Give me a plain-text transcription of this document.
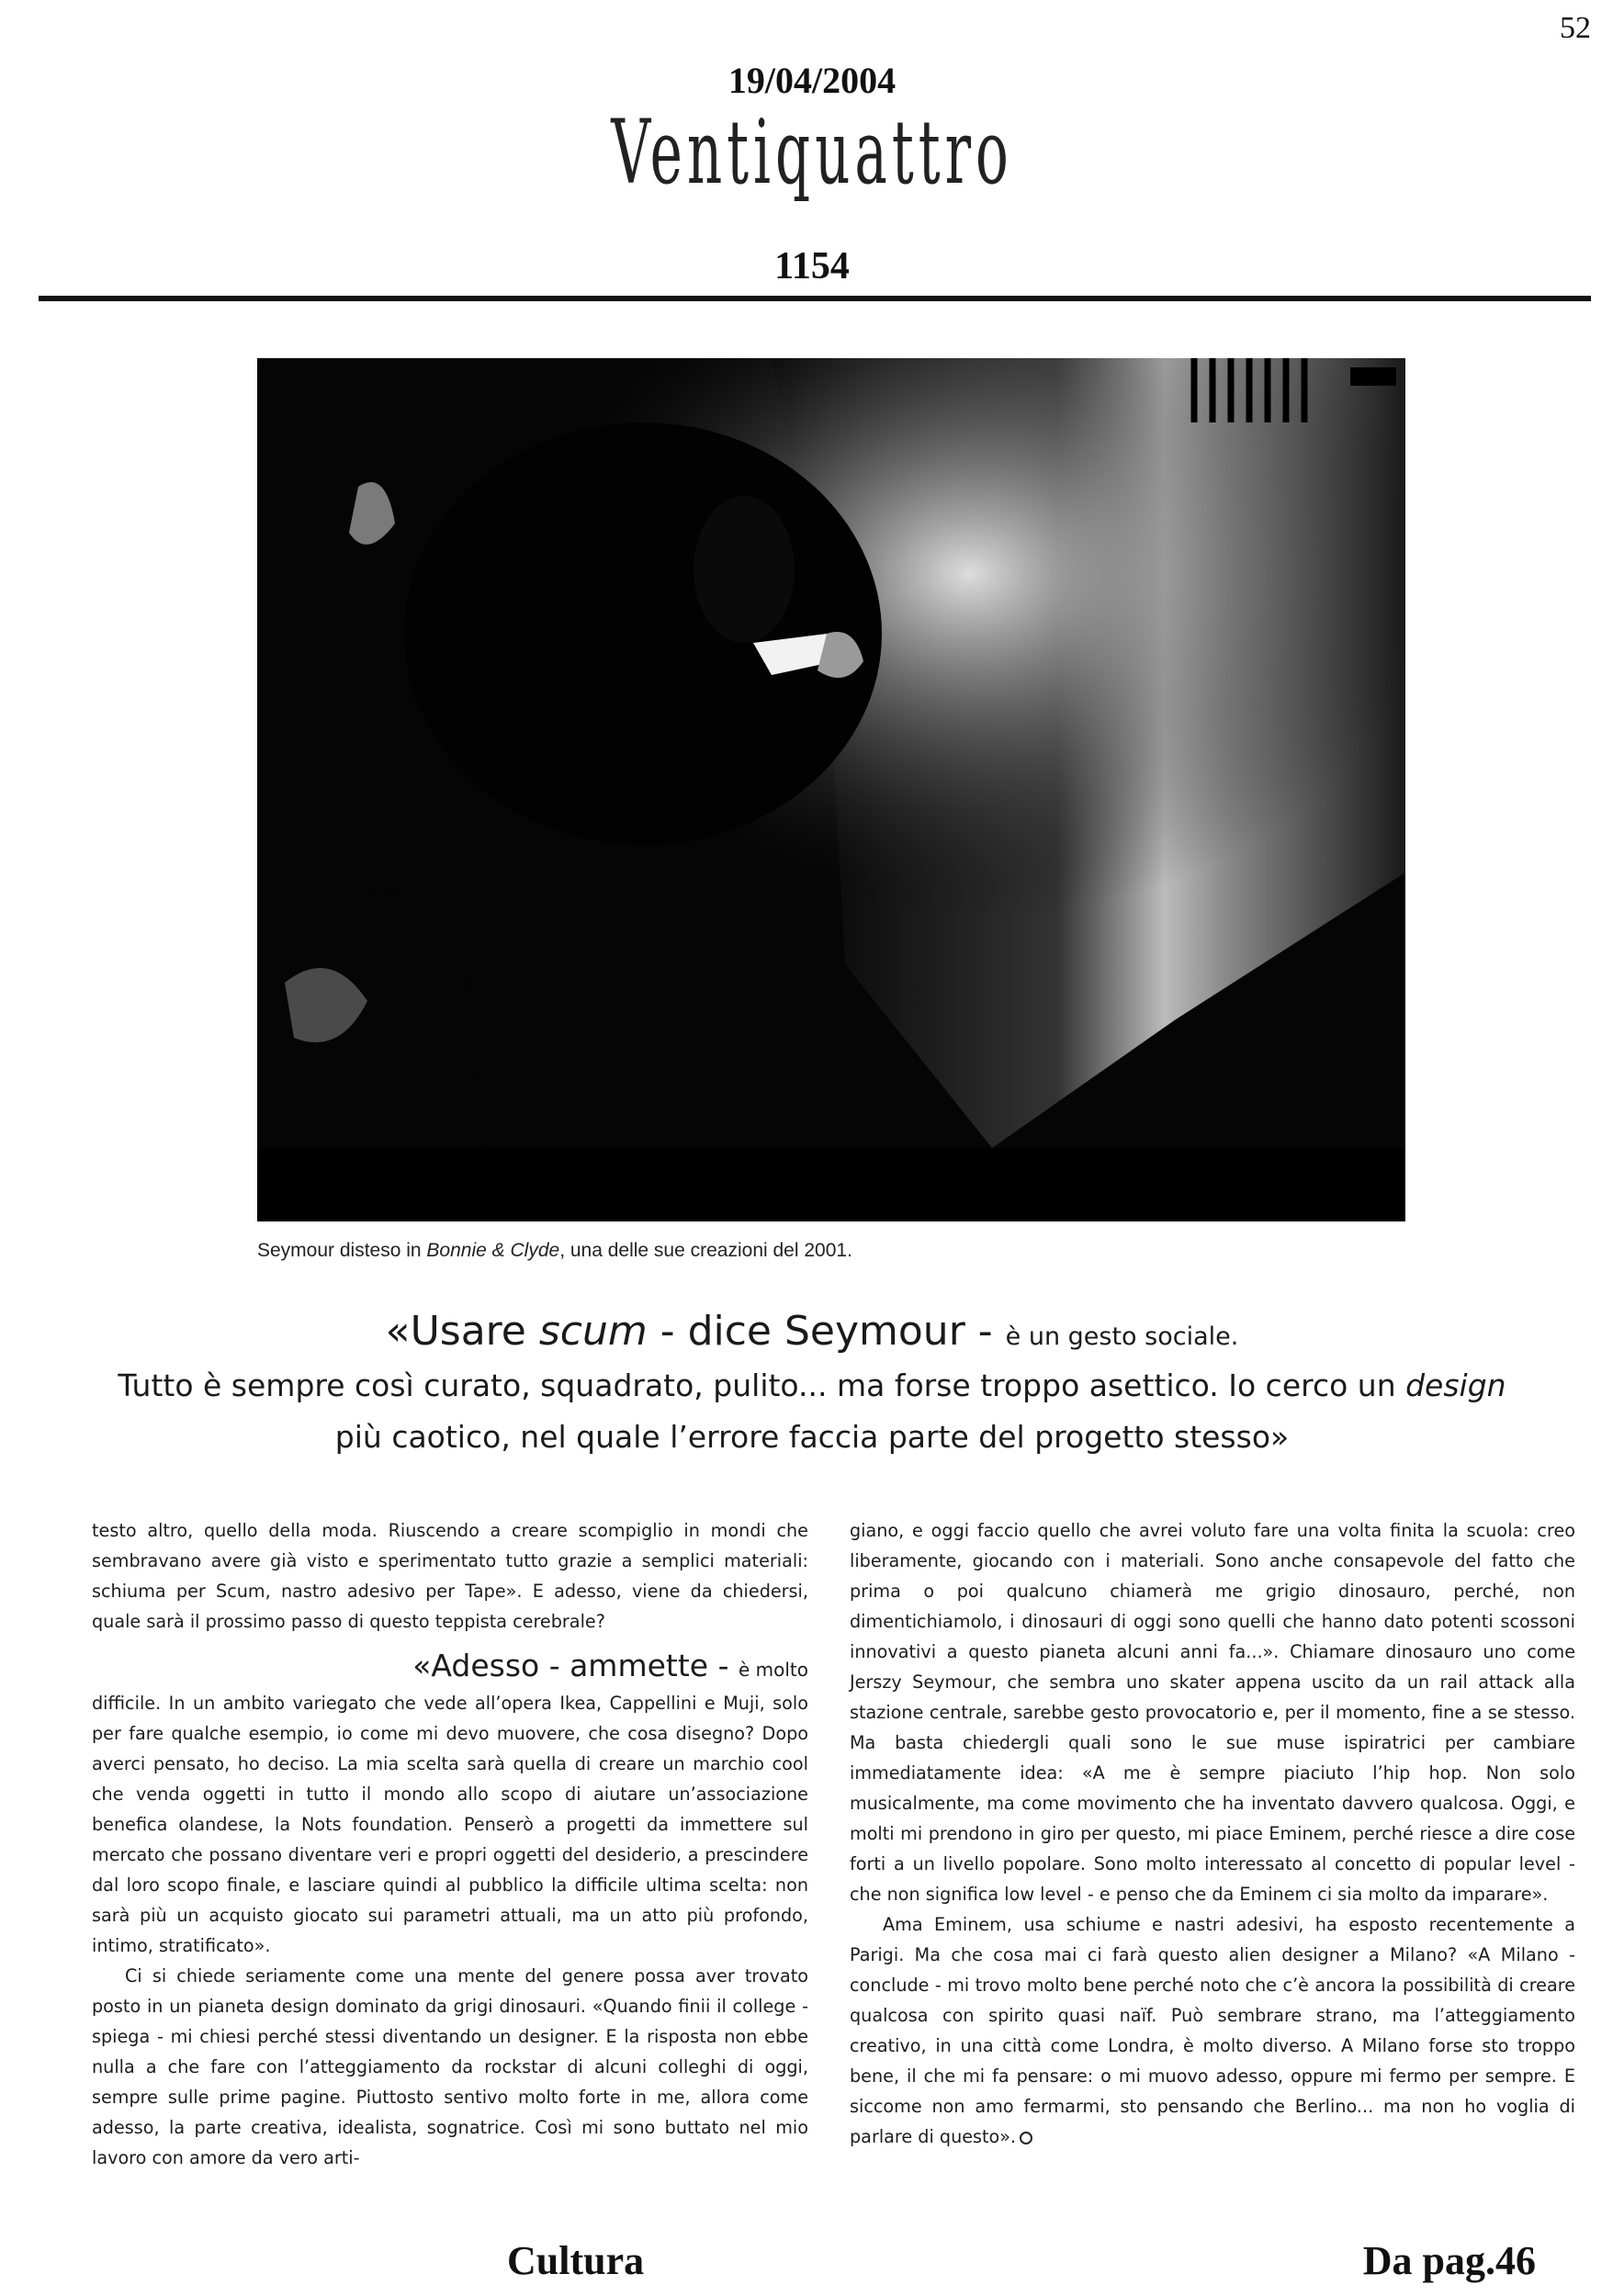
52
19/04/2004
Ventiquattro
1154
Seymour disteso in Bonnie & Clyde, una delle sue creazioni del 2001.
«Usare scum - dice Seymour - è un gesto sociale.
Tutto è sempre così curato, squadrato, pulito... ma forse troppo asettico. Io cerco un design
più caotico, nel quale l’errore faccia parte del progetto stesso»

testo altro, quello della moda. Riuscendo a creare scompiglio in mondi che sembravano avere già visto e sperimentato tutto grazie a semplici materiali: schiuma per Scum, nastro adesivo per Tape». E adesso, viene da chiedersi, quale sarà il prossimo passo di questo teppista cerebrale?

«Adesso - ammette - è molto

difficile. In un ambito variegato che vede all’opera Ikea, Cappellini e Muji, solo per fare qualche esempio, io come mi devo muovere, che cosa disegno? Dopo averci pensato, ho deciso. La mia scelta sarà quella di creare un marchio cool che venda oggetti in tutto il mondo allo scopo di aiutare un’associazione benefica olandese, la Nots foundation. Penserò a progetti da immettere sul mercato che possano diventare veri e propri oggetti del desiderio, a prescindere dal loro scopo finale, e lasciare quindi al pubblico la difficile ultima scelta: non sarà più un acquisto giocato sui parametri attuali, ma un atto più profondo, intimo, stratificato».

Ci si chiede seriamente come una mente del genere possa aver trovato posto in un pianeta design dominato da grigi dinosauri. «Quando finii il college - spiega - mi chiesi perché stessi diventando un designer. E la risposta non ebbe nulla a che fare con l’atteggiamento da rockstar di alcuni colleghi di oggi, sempre sulle prime pagine. Piuttosto sentivo molto forte in me, allora come adesso, la parte creativa, idealista, sognatrice. Così mi sono buttato nel mio lavoro con amore da vero arti-

giano, e oggi faccio quello che avrei voluto fare una volta finita la scuola: creo liberamente, giocando con i materiali. Sono anche consapevole del fatto che prima o poi qualcuno chiamerà me grigio dinosauro, perché, non dimentichiamolo, i dinosauri di oggi sono quelli che hanno dato potenti scossoni innovativi a questo pianeta alcuni anni fa...». Chiamare dinosauro uno come Jerszy Seymour, che sembra uno skater appena uscito da un rail attack alla stazione centrale, sarebbe gesto provocatorio e, per il momento, fine a se stesso. Ma basta chiedergli quali sono le sue muse ispiratrici per cambiare immediatamente idea: «A me è sempre piaciuto l’hip hop. Non solo musicalmente, ma come movimento che ha inventato davvero qualcosa. Oggi, e molti mi prendono in giro per questo, mi piace Eminem, perché riesce a dire cose forti a un livello popolare. Sono molto interessato al concetto di popular level - che non significa low level - e penso che da Eminem ci sia molto da imparare».

Ama Eminem, usa schiume e nastri adesivi, ha esposto recentemente a Parigi. Ma che cosa mai ci farà questo alien designer a Milano? «A Milano - conclude - mi trovo molto bene perché noto che c’è ancora la possibilità di creare qualcosa con spirito quasi naïf. Può sembrare strano, ma l’atteggiamento creativo, in una città come Londra, è molto diverso. A Milano forse sto troppo bene, il che mi fa pensare: o mi muovo adesso, oppure mi fermo per sempre. E siccome non amo fermarmi, sto pensando che Berlino... ma non ho voglia di parlare di questo».

Cultura	Da pag.46
